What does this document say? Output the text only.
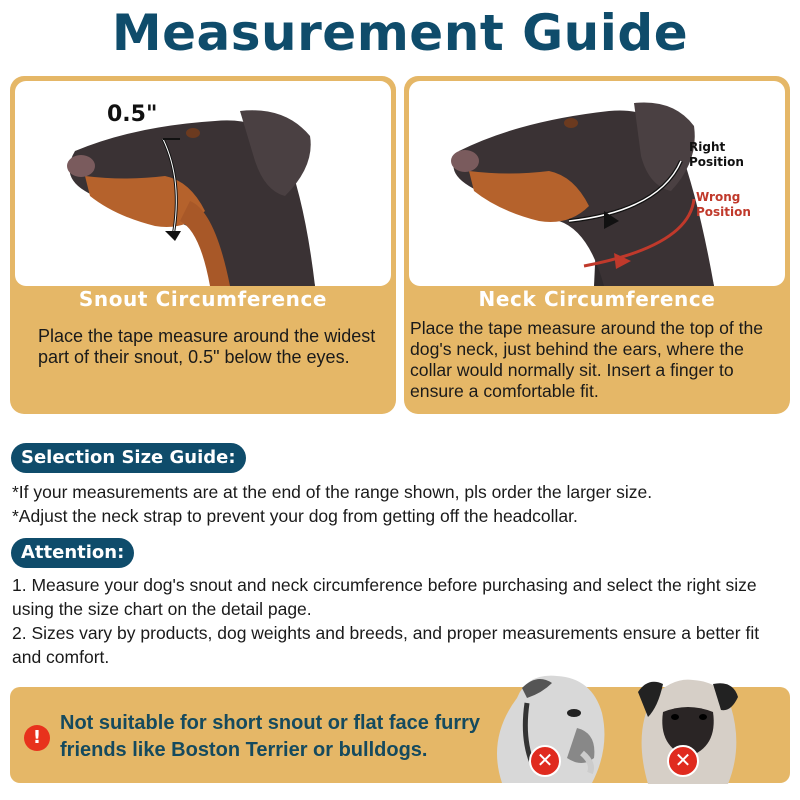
Measurement Guide
0.5"
Snout Circumference
Place the tape measure around the widest part of their snout, 0.5" below the eyes.
Right Position
Wrong Position
Neck Circumference
Place the tape measure around the top of the dog's neck, just behind the ears, where the collar would normally sit. Insert a finger to ensure a comfortable fit.
Selection Size Guide:
*If your measurements are at the end of the range shown, pls order the larger size.
*Adjust the neck strap to prevent your dog from getting off the headcollar.
Attention:

1. Measure your dog's snout and neck circumference before purchasing and select the right size using the size chart on the detail page.

2. Sizes vary by products, dog weights and breeds, and proper measurements ensure a better fit and comfort.

!
Not suitable for short snout or flat face furry
friends like Boston Terrier or bulldogs.	✕	✕
